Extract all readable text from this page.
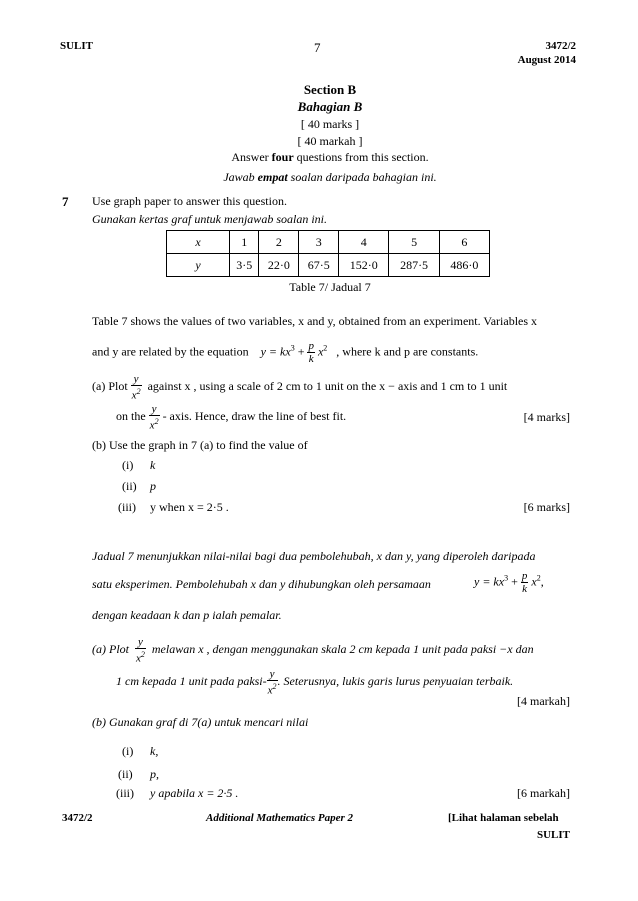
SULIT	7	3472/2
August 2014
Section B
Bahagian B
[ 40 marks ]
[ 40 markah ]
Answer four questions from this section.
Jawab empat soalan daripada bahagian ini.
7 Use graph paper to answer this question.
Gunakan kertas graf untuk menjawab soalan ini.
x	1	2	3	4	5	6
y	3·5	22·0	67·5	152·0	287·5	486·0
Table 7/ Jadual 7
Table 7 shows the values of two variables, x and y, obtained from an experiment. Variables x
and y are related by the equation $y = kx^3 + \frac{p}{k} x^2$ , where k and p are constants.
(a) Plot $\frac{y}{x^2}$ against x , using a scale of 2 cm to 1 unit on the x − axis and 1 cm to 1 unit
on the $\frac{y}{x^2}$ - axis. Hence, draw the line of best fit.	[4 marks]
(b) Use the graph in 7 (a) to find the value of
(i) k
(ii) p
(iii) y when x = 2·5 .	[6 marks]
Jadual 7 menunjukkan nilai-nilai bagi dua pembolehubah, x dan y, yang diperoleh daripada
satu eksperimen. Pembolehubah x dan y dihubungkan oleh persamaan	$y = kx^3 + \frac{p}{k} x^2$,
dengan keadaan k dan p ialah pemalar.
(a) Plot $\frac{y}{x^2}$ melawan x , dengan menggunakan skala 2 cm kepada 1 unit pada paksi −x dan
1 cm kepada 1 unit pada paksi- $\frac{y}{x^2}$ . Seterusnya, lukis garis lurus penyuaian terbaik.
[4 markah]
(b) Gunakan graf di 7(a) untuk mencari nilai
(i) k,
(ii) p,
(iii) y apabila x = 2·5 .	[6 markah]
3472/2	Additional Mathematics Paper 2	[Lihat halaman sebelah
SULIT
